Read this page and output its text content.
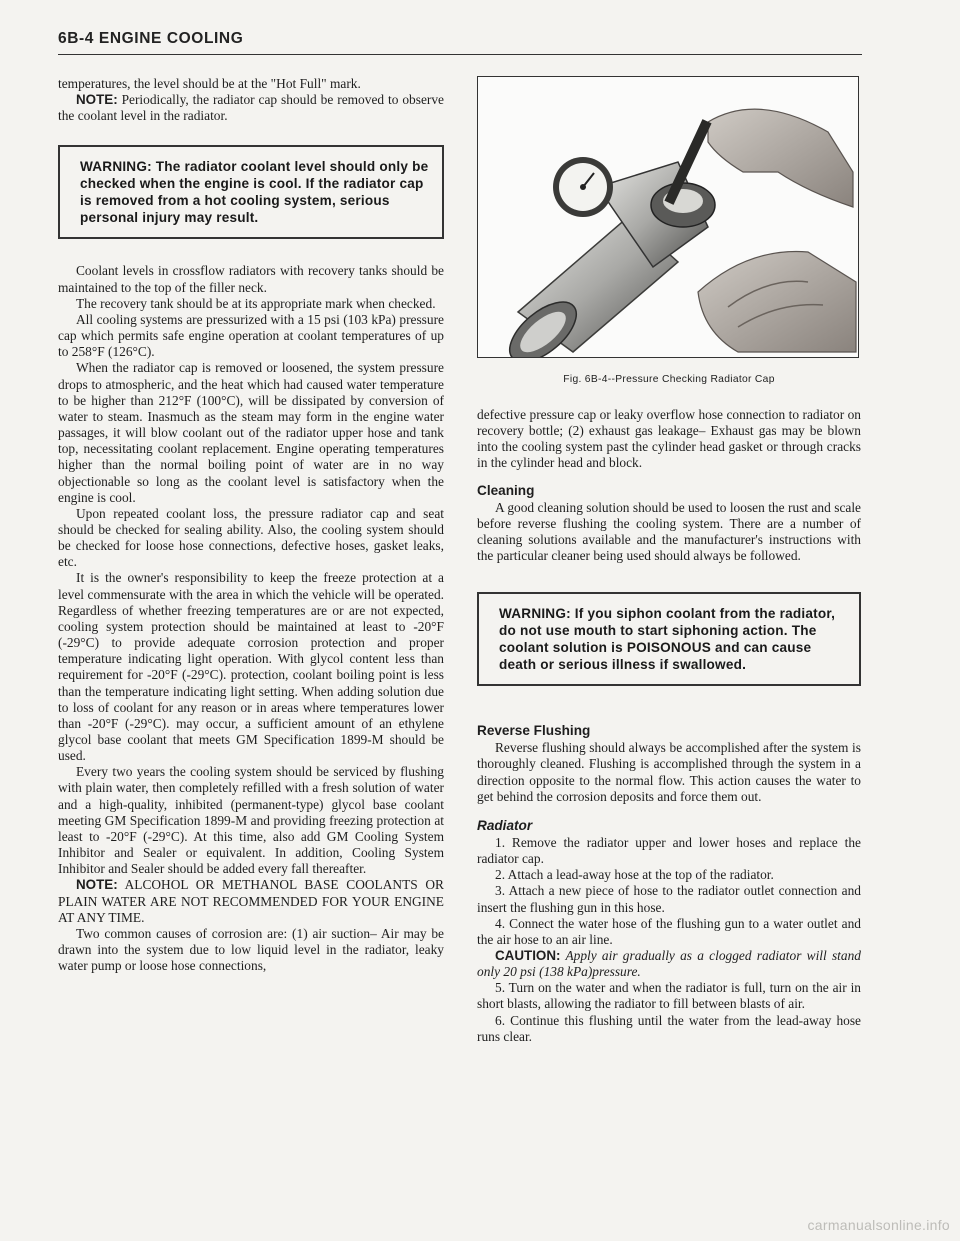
6B-4 ENGINE COOLING

temperatures, the level should be at the "Hot Full" mark.

NOTE: Periodically, the radiator cap should be removed to observe the coolant level in the radiator.

WARNING: The radiator coolant level should only be checked when the engine is cool. If the radiator cap is removed from a hot cooling system, serious personal injury may result.

Coolant levels in crossflow radiators with recovery tanks should be maintained to the top of the filler neck.

The recovery tank should be at its appropriate mark when checked.

All cooling systems are pressurized with a 15 psi (103 kPa) pressure cap which permits safe engine operation at coolant temperatures of up to 258°F (126°C).

When the radiator cap is removed or loosened, the system pressure drops to atmospheric, and the heat which had caused water temperature to be higher than 212°F (100°C), will be dissipated by conversion of water to steam. Inasmuch as the steam may form in the engine water passages, it will blow coolant out of the radiator upper hose and tank top, necessitating coolant replacement. Engine operating temperatures higher than the normal boiling point of water are in no way objectionable so long as the coolant level is satisfactory when the engine is cool.

Upon repeated coolant loss, the pressure radiator cap and seat should be checked for sealing ability. Also, the cooling system should be checked for loose hose connections, defective hoses, gasket leaks, etc.

It is the owner's responsibility to keep the freeze protection at a level commensurate with the area in which the vehicle will be operated. Regardless of whether freezing temperatures are or are not expected, cooling system protection should be maintained at least to -20°F (-29°C) to provide adequate corrosion protection and proper temperature indicating light operation. With glycol content less than requirement for -20°F (-29°C). protection, coolant boiling point is less than the temperature indicating light setting. When adding solution due to loss of coolant for any reason or in areas where temperatures lower than -20°F (-29°C). may occur, a sufficient amount of an ethylene glycol base coolant that meets GM Specification 1899-M should be used.

Every two years the cooling system should be serviced by flushing with plain water, then completely refilled with a fresh solution of water and a high-quality, inhibited (permanent-type) glycol base coolant meeting GM Specification 1899-M and providing freezing protection at least to -20°F (-29°C). At this time, also add GM Cooling System Inhibitor and Sealer or equivalent. In addition, Cooling System Inhibitor and Sealer should be added every fall thereafter.

NOTE: ALCOHOL OR METHANOL BASE COOLANTS OR PLAIN WATER ARE NOT RECOMMENDED FOR YOUR ENGINE AT ANY TIME.

Two common causes of corrosion are: (1) air suction– Air may be drawn into the system due to low liquid level in the radiator, leaky water pump or loose hose connections,

Fig. 6B-4--Pressure Checking Radiator Cap

defective pressure cap or leaky overflow hose connection to radiator on recovery bottle; (2) exhaust gas leakage– Exhaust gas may be blown into the cooling system past the cylinder head gasket or through cracks in the cylinder head and block.

Cleaning

A good cleaning solution should be used to loosen the rust and scale before reverse flushing the cooling system. There are a number of cleaning solutions available and the manufacturer's instructions with the particular cleaner being used should always be followed.

WARNING: If you siphon coolant from the radiator, do not use mouth to start siphoning action. The coolant solution is POISONOUS and can cause death or serious illness if swallowed.
Reverse Flushing

Reverse flushing should always be accomplished after the system is thoroughly cleaned. Flushing is accomplished through the system in a direction opposite to the normal flow. This action causes the water to get behind the corrosion deposits and force them out.

Radiator

1. Remove the radiator upper and lower hoses and replace the radiator cap.

2. Attach a lead-away hose at the top of the radiator.

3. Attach a new piece of hose to the radiator outlet connection and insert the flushing gun in this hose.

4. Connect the water hose of the flushing gun to a water outlet and the air hose to an air line.

CAUTION: Apply air gradually as a clogged radiator will stand only 20 psi (138 kPa)pressure.

5. Turn on the water and when the radiator is full, turn on the air in short blasts, allowing the radiator to fill between blasts of air.

6. Continue this flushing until the water from the lead-away hose runs clear.

carmanualsonline.info
